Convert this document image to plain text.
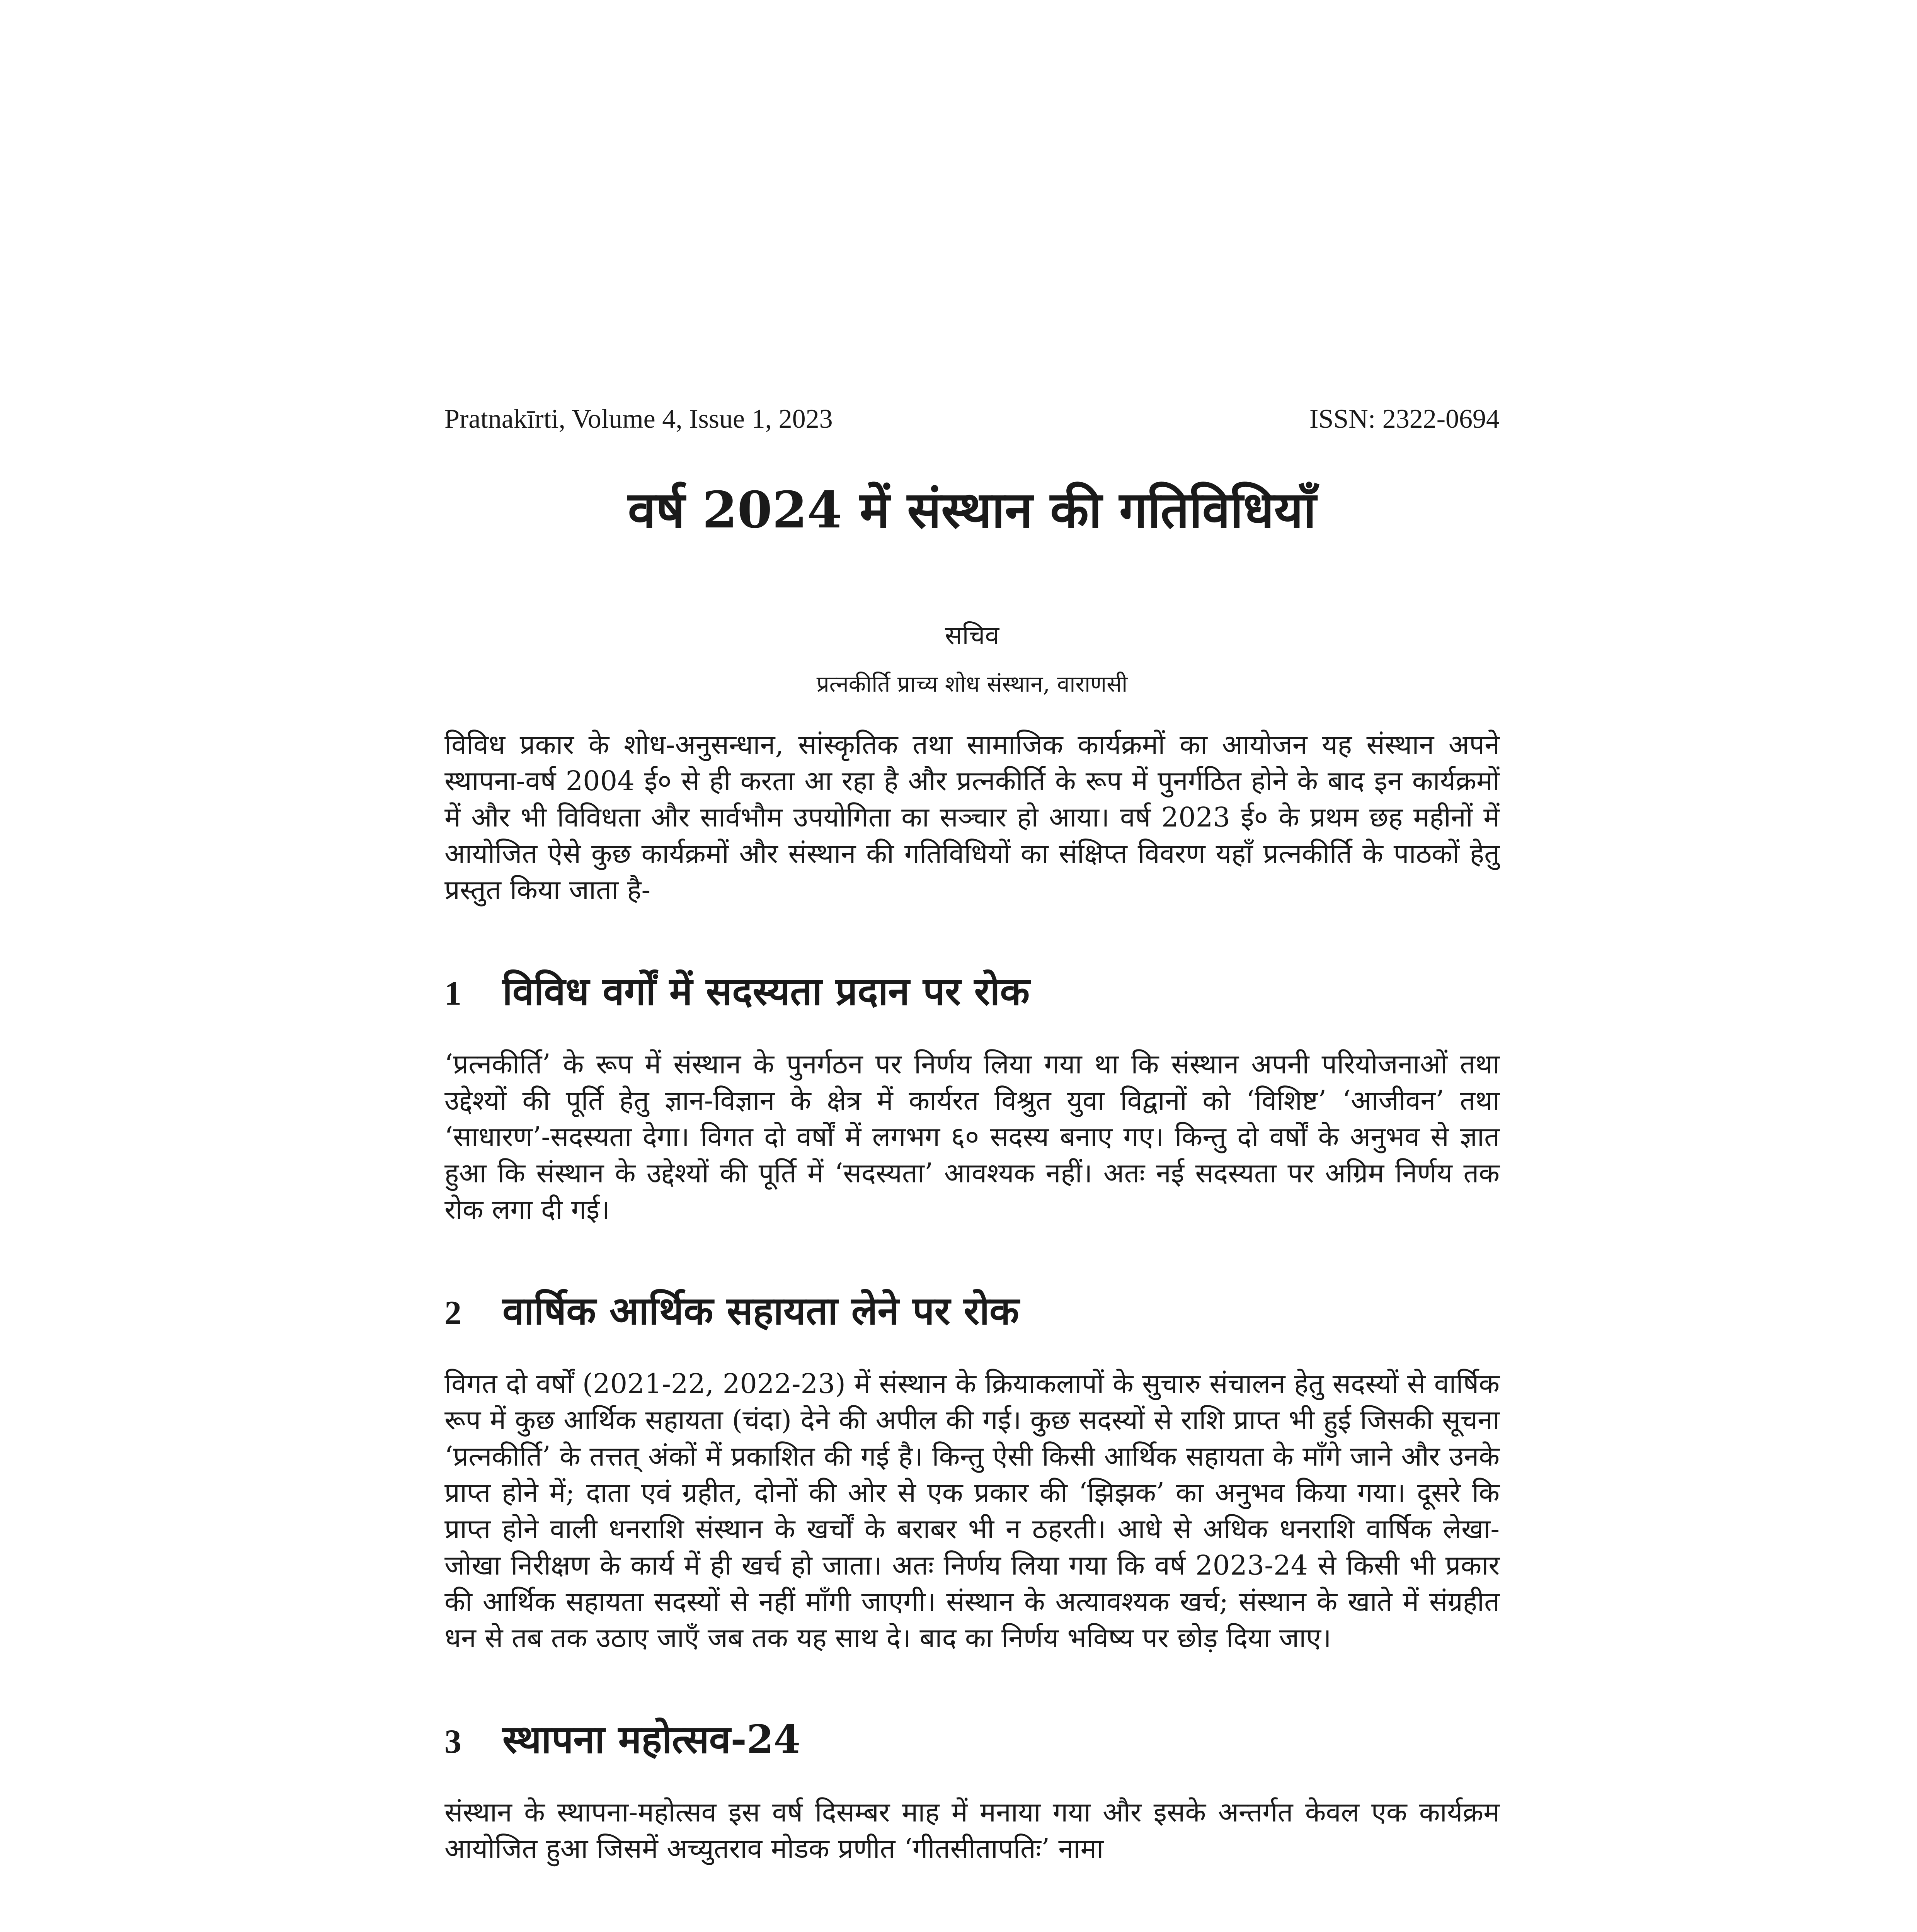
Pratnakīrti, Volume 4, Issue 1, 2023	ISSN: 2322-0694
वर्ष 2024 में संस्थान की गतिविधियाँ
सचिव
प्रत्नकीर्ति प्राच्य शोध संस्थान, वाराणसी

विविध प्रकार के शोध-अनुसन्धान, सांस्कृतिक तथा सामाजिक कार्यक्रमों का आयोजन यह संस्थान अपने स्थापना-वर्ष 2004 ई० से ही करता आ रहा है और प्रत्नकीर्ति के रूप में पुनर्गठित होने के बाद इन कार्यक्रमों में और भी विविधता और सार्वभौम उपयोगिता का सञ्चार हो आया। वर्ष 2023 ई० के प्रथम छह महीनों में आयोजित ऐसे कुछ कार्यक्रमों और संस्थान की गतिविधियों का संक्षिप्त विवरण यहाँ प्रत्नकीर्ति के पाठकों हेतु प्रस्तुत किया जाता है-

1	विविध वर्गों में सदस्यता प्रदान पर रोक

‘प्रत्नकीर्ति’ के रूप में संस्थान के पुनर्गठन पर निर्णय लिया गया था कि संस्थान अपनी परियोजनाओं तथा उद्देश्यों की पूर्ति हेतु ज्ञान-विज्ञान के क्षेत्र में कार्यरत विश्रुत युवा विद्वानों को ‘विशिष्ट’ ‘आजीवन’ तथा ‘साधारण’-सदस्यता देगा। विगत दो वर्षों में लगभग ६० सदस्य बनाए गए। किन्तु दो वर्षों के अनुभव से ज्ञात हुआ कि संस्थान के उद्देश्यों की पूर्ति में ‘सदस्यता’ आवश्यक नहीं। अतः नई सदस्यता पर अग्रिम निर्णय तक रोक लगा दी गई।

2	वार्षिक आर्थिक सहायता लेने पर रोक

विगत दो वर्षों (2021-22, 2022-23) में संस्थान के क्रियाकलापों के सुचारु संचालन हेतु सदस्यों से वार्षिक रूप में कुछ आर्थिक सहायता (चंदा) देने की अपील की गई। कुछ सदस्यों से राशि प्राप्त भी हुई जिसकी सूचना ‘प्रत्नकीर्ति’ के तत्तत् अंकों में प्रकाशित की गई है। किन्तु ऐसी किसी आर्थिक सहायता के माँगे जाने और उनके प्राप्त होने में; दाता एवं ग्रहीत, दोनों की ओर से एक प्रकार की ‘झिझक’ का अनुभव किया गया। दूसरे कि प्राप्त होने वाली धनराशि संस्थान के खर्चों के बराबर भी न ठहरती। आधे से अधिक धनराशि वार्षिक लेखा-जोखा निरीक्षण के कार्य में ही खर्च हो जाता। अतः निर्णय लिया गया कि वर्ष 2023-24 से किसी भी प्रकार की आर्थिक सहायता सदस्यों से नहीं माँगी जाएगी। संस्थान के अत्यावश्यक खर्च; संस्थान के खाते में संग्रहीत धन से तब तक उठाए जाएँ जब तक यह साथ दे। बाद का निर्णय भविष्य पर छोड़ दिया जाए।

3	स्थापना महोत्सव-24

संस्थान के स्थापना-महोत्सव इस वर्ष दिसम्बर माह में मनाया गया और इसके अन्तर्गत केवल एक कार्यक्रम आयोजित हुआ जिसमें अच्युतराव मोडक प्रणीत ‘गीतसीतापतिः’ नामा
